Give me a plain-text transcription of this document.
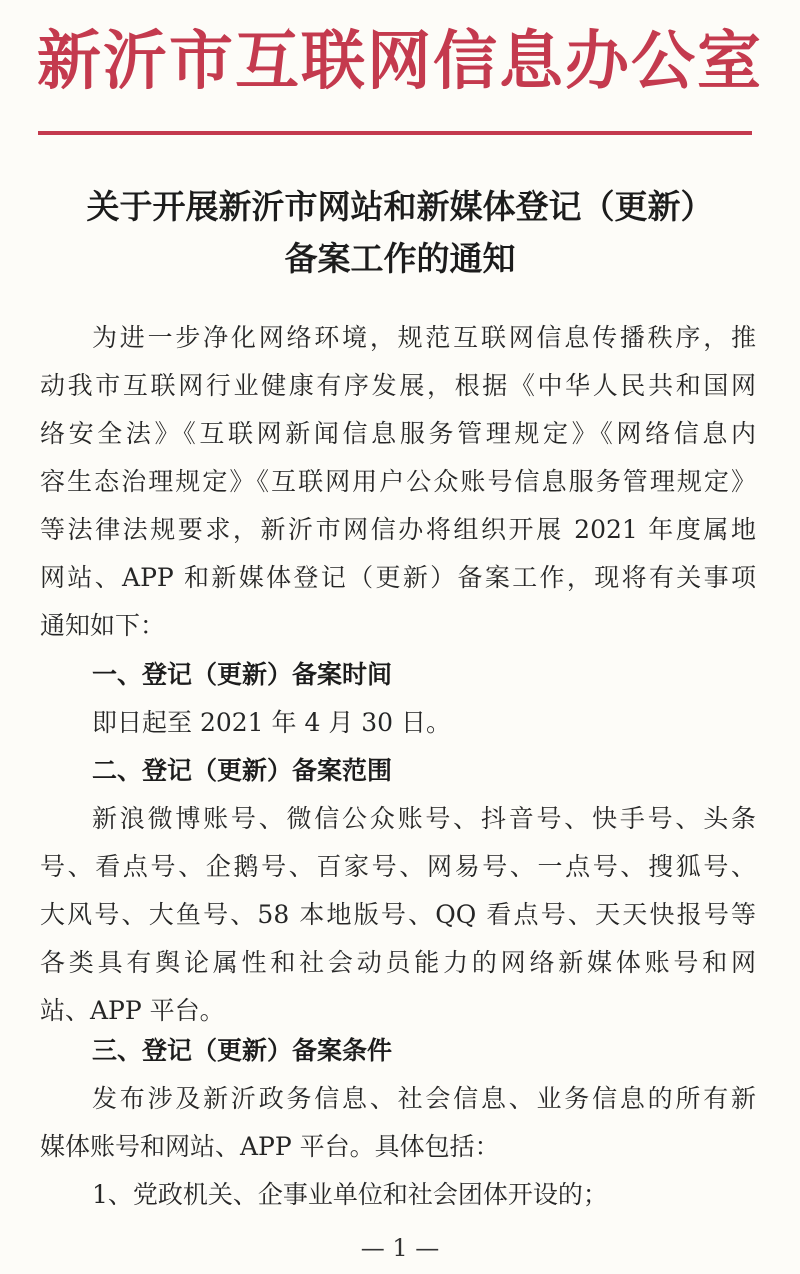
新沂市互联网信息办公室
关于开展新沂市网站和新媒体登记（更新）
备案工作的通知
为进一步净化网络环境，规范互联网信息传播秩序，推
动我市互联网行业健康有序发展，根据《中华人民共和国网
络安全法》《互联网新闻信息服务管理规定》《网络信息内
容生态治理规定》《互联网用户公众账号信息服务管理规定》
等法律法规要求，新沂市网信办将组织开展 2021 年度属地
网站、APP 和新媒体登记（更新）备案工作，现将有关事项
通知如下：
一、登记（更新）备案时间
即日起至 2021 年 4 月 30 日。
二、登记（更新）备案范围
新浪微博账号、微信公众账号、抖音号、快手号、头条
号、看点号、企鹅号、百家号、网易号、一点号、搜狐号、
大风号、大鱼号、58 本地版号、QQ 看点号、天天快报号等
各类具有舆论属性和社会动员能力的网络新媒体账号和网
站、APP 平台。
三、登记（更新）备案条件
发布涉及新沂政务信息、社会信息、业务信息的所有新
媒体账号和网站、APP 平台。具体包括：
1、党政机关、企事业单位和社会团体开设的；
— 1 —
